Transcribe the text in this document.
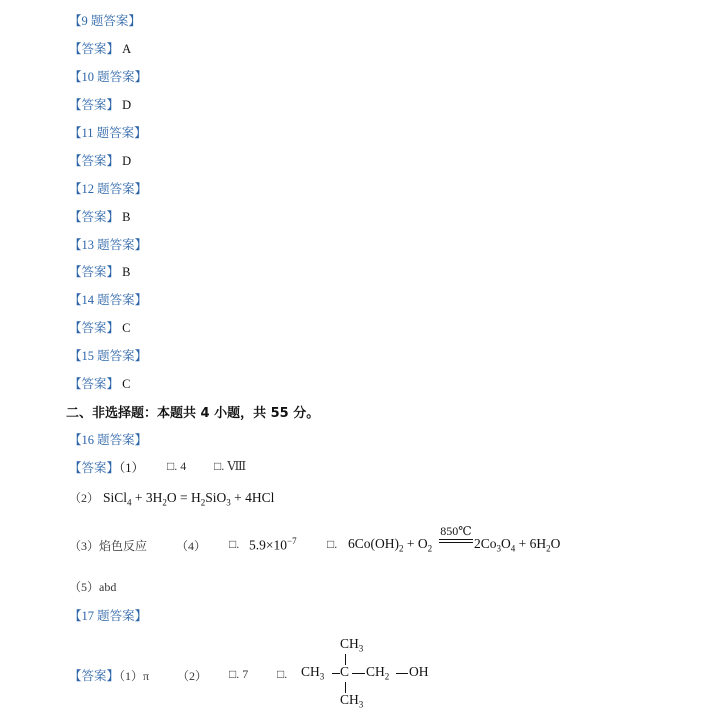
【9 题答案】
【答案】 A
【10 题答案】
【答案】 D
【11 题答案】
【答案】 D
【12 题答案】
【答案】 B
【13 题答案】
【答案】 B
【14 题答案】
【答案】 C
【15 题答案】
【答案】 C
二、非选择题：本题共 4 小题，共 55 分。
【16 题答案】
【答案】（1） □. 4 □. Ⅷ
（2） SiCl$_4$ + $3H_2O = H_2SiO_3 + 4HCl$
（3）焰色反应 （4） □. $5.9\times 10^{-7}$	□. $6Co(OH)_2 + O_2$
850℃
$2Co_3O_4 + 6H_2O$
（5）abd
【17 题答案】
【答案】（1）π （2） □. 7 □.
$CH_3$
$CH_3$ C $CH_2$ OH
$CH_3$
